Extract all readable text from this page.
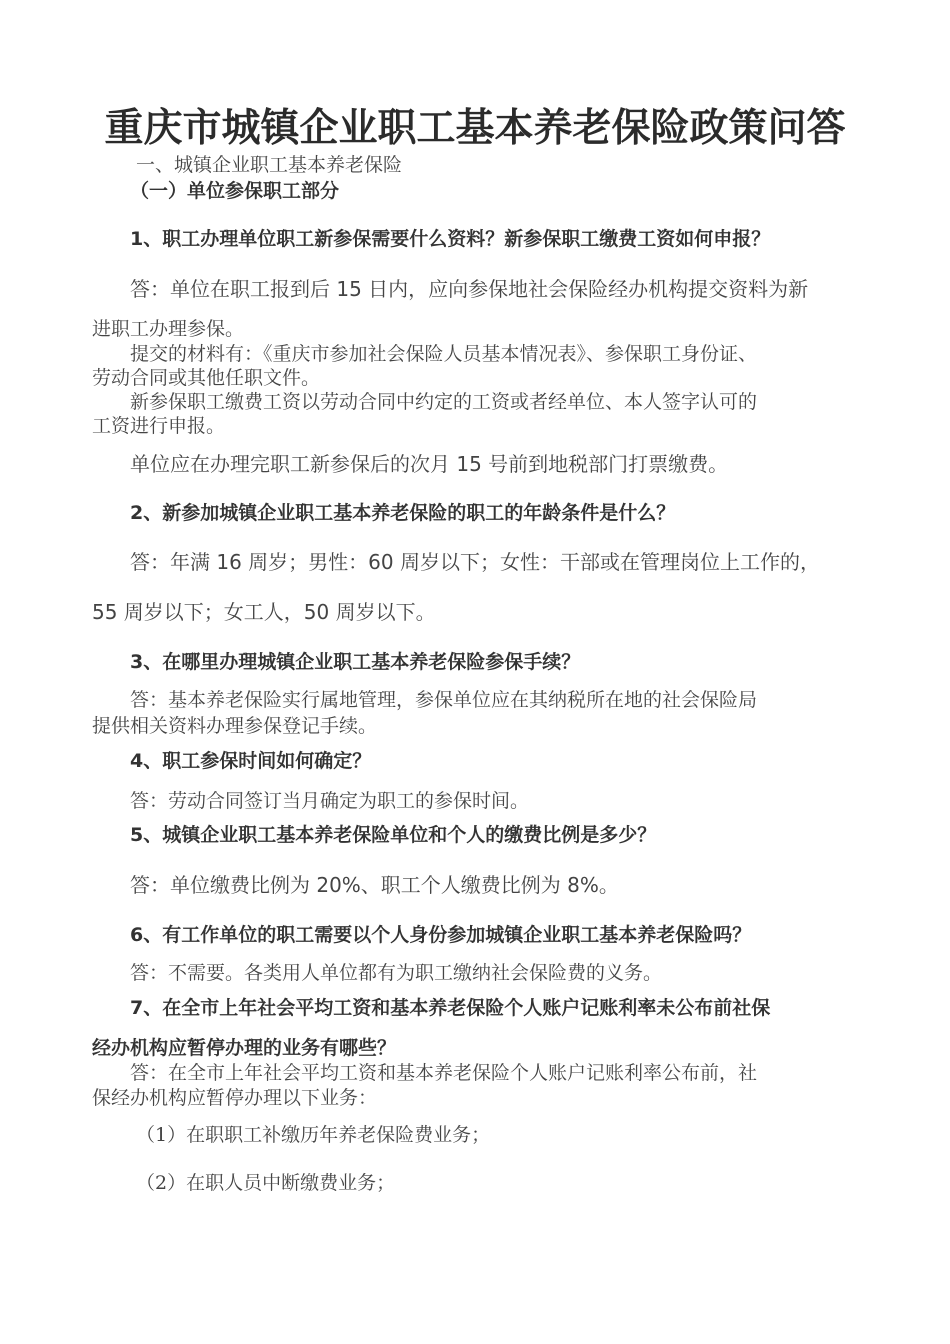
重庆市城镇企业职工基本养老保险政策问答

一、城镇企业职工基本养老保险

（一）单位参保职工部分

1、职工办理单位职工新参保需要什么资料？新参保职工缴费工资如何申报？

答：单位在职工报到后 15 日内，应向参保地社会保险经办机构提交资料为新

进职工办理参保。

提交的材料有：《重庆市参加社会保险人员基本情况表》、参保职工身份证、

劳动合同或其他任职文件。

新参保职工缴费工资以劳动合同中约定的工资或者经单位、本人签字认可的

工资进行申报。

单位应在办理完职工新参保后的次月 15 号前到地税部门打票缴费。

2、新参加城镇企业职工基本养老保险的职工的年龄条件是什么？

答：年满 16 周岁；男性：60 周岁以下；女性：干部或在管理岗位上工作的，

55 周岁以下；女工人，50 周岁以下。

3、在哪里办理城镇企业职工基本养老保险参保手续？

答：基本养老保险实行属地管理，参保单位应在其纳税所在地的社会保险局

提供相关资料办理参保登记手续。

4、职工参保时间如何确定？

答：劳动合同签订当月确定为职工的参保时间。

5、城镇企业职工基本养老保险单位和个人的缴费比例是多少？

答：单位缴费比例为 20%、职工个人缴费比例为 8%。

6、有工作单位的职工需要以个人身份参加城镇企业职工基本养老保险吗？

答：不需要。各类用人单位都有为职工缴纳社会保险费的义务。

7、在全市上年社会平均工资和基本养老保险个人账户记账利率未公布前社保

经办机构应暂停办理的业务有哪些？

答：在全市上年社会平均工资和基本养老保险个人账户记账利率公布前，社

保经办机构应暂停办理以下业务：

（1）在职职工补缴历年养老保险费业务；

（2）在职人员中断缴费业务；
